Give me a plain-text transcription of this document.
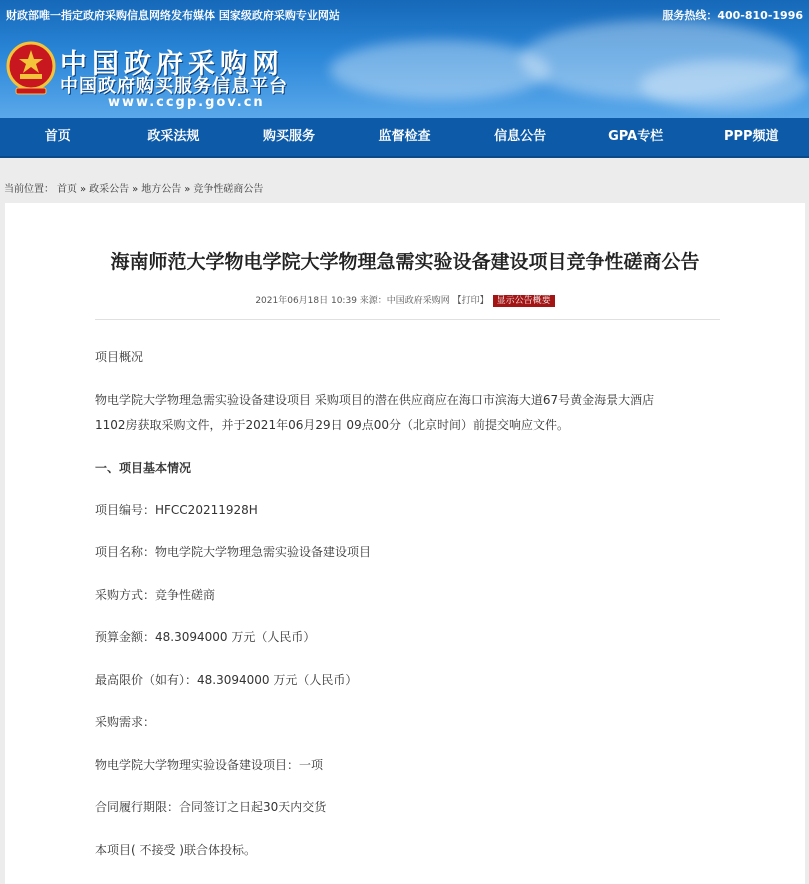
财政部唯一指定政府采购信息网络发布媒体 国家级政府采购专业网站	服务热线：400-810-1996
中国政府采购网
中国政府购买服务信息平台
www.ccgp.gov.cn
首页	政采法规	购买服务	监督检查	信息公告	GPA专栏	PPP频道
当前位置： 首页 » 政采公告 » 地方公告 » 竞争性磋商公告
海南师范大学物电学院大学物理急需实验设备建设项目竞争性磋商公告
2021年06月18日 10:39 来源：中国政府采购网 【打印】 显示公告概要
项目概况
物电学院大学物理急需实验设备建设项目 采购项目的潜在供应商应在海口市滨海大道67号黄金海景大酒店
1102房获取采购文件，并于2021年06月29日 09点00分（北京时间）前提交响应文件。
一、项目基本情况
项目编号：HFCC20211928H
项目名称：物电学院大学物理急需实验设备建设项目
采购方式：竞争性磋商
预算金额：48.3094000 万元（人民币）
最高限价（如有）：48.3094000 万元（人民币）
采购需求：
物电学院大学物理实验设备建设项目：一项
合同履行期限：合同签订之日起30天内交货
本项目( 不接受 )联合体投标。
